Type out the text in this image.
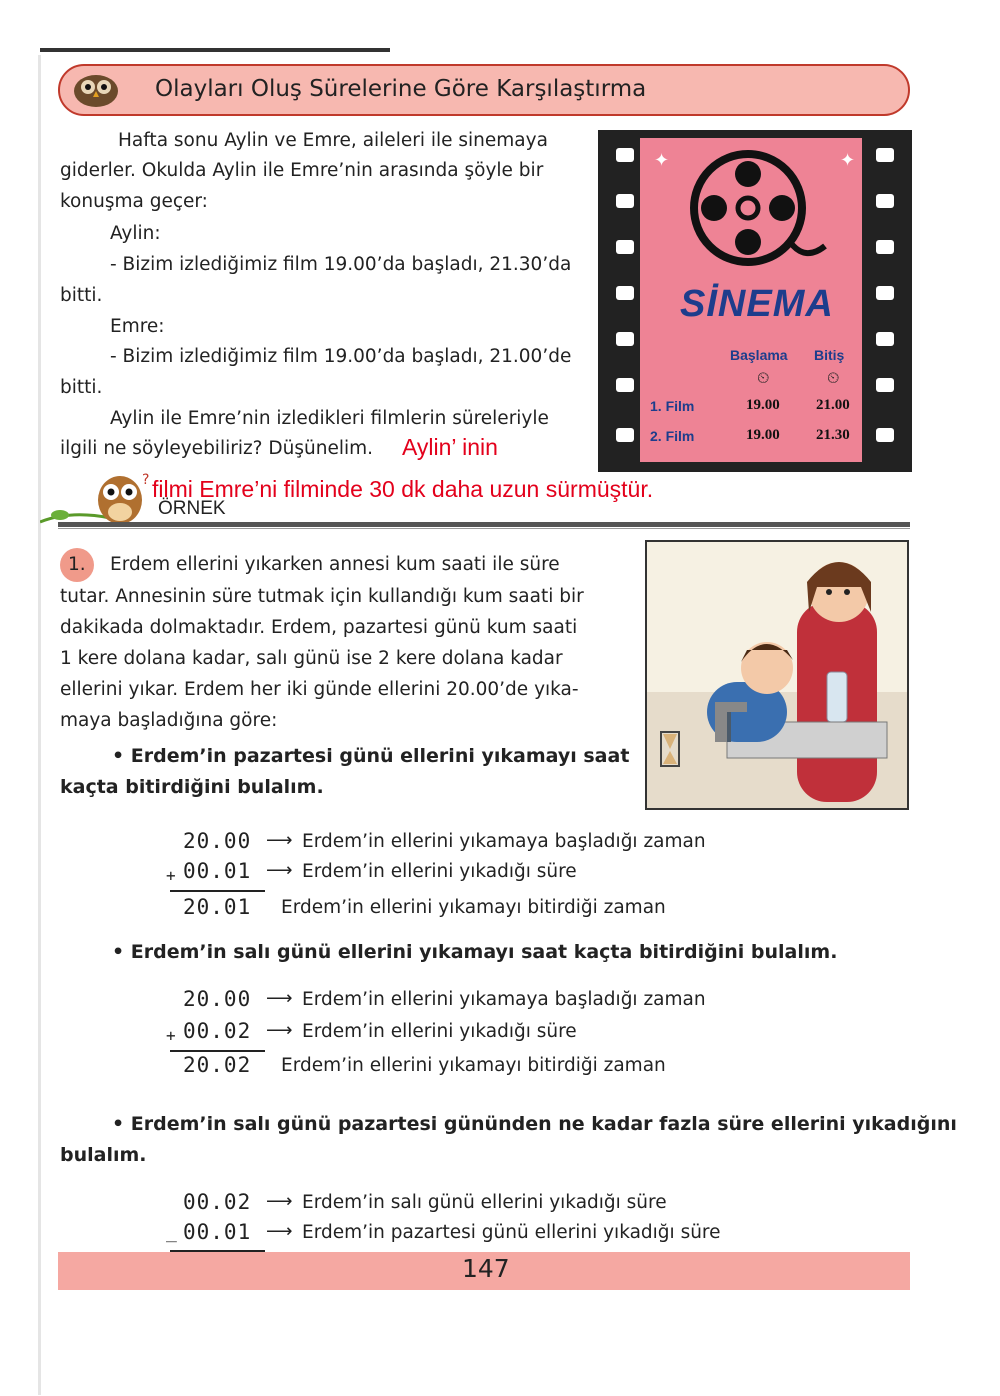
Olayları Oluş Sürelerine Göre Karşılaştırma
Hafta sonu Aylin ve Emre, aileleri ile sinemaya
giderler. Okulda Aylin ile Emre’nin arasında şöyle bir
konuşma geçer:
Aylin:
- Bizim izlediğimiz film 19.00’da başladı, 21.30’da
bitti.
Emre:
- Bizim izlediğimiz film 19.00’da başladı, 21.00’de
bitti.
Aylin ile Emre’nin izledikleri filmlerin süreleriyle
ilgili ne söyleyebiliriz? Düşünelim. Aylin’ inin
filmi Emre’ni filminde 30 dk daha uzun sürmüştür.
✦	✦
SİNEMA
Başlama Bitiş
⏲	⏲
1. Film	19.00 21.00
2. Film	19.00 21.30
?
ÖRNEK
1. Erdem ellerini yıkarken annesi kum saati ile süre
tutar. Annesinin süre tutmak için kullandığı kum saati bir
dakikada dolmaktadır. Erdem, pazartesi günü kum saati
1 kere dolana kadar, salı günü ise 2 kere dolana kadar
ellerini yıkar. Erdem her iki günde ellerini 20.00’de yıka-
maya başladığına göre:
• Erdem’in pazartesi günü ellerini yıkamayı saat
kaçta bitirdiğini bulalım.
20.00 ⟶ Erdem’in ellerini yıkamaya başladığı zaman
+ 00.01 ⟶ Erdem’in ellerini yıkadığı süre
20.01 Erdem’in ellerini yıkamayı bitirdiği zaman
• Erdem’in salı günü ellerini yıkamayı saat kaçta bitirdiğini bulalım.
20.00 ⟶ Erdem’in ellerini yıkamaya başladığı zaman
+ 00.02 ⟶ Erdem’in ellerini yıkadığı süre
20.02 Erdem’in ellerini yıkamayı bitirdiği zaman
• Erdem’in salı günü pazartesi gününden ne kadar fazla süre ellerini yıkadığını
bulalım.
00.02 ⟶ Erdem’in salı günü ellerini yıkadığı süre
_ 00.01 ⟶ Erdem’in pazartesi günü ellerini yıkadığı süre
147
